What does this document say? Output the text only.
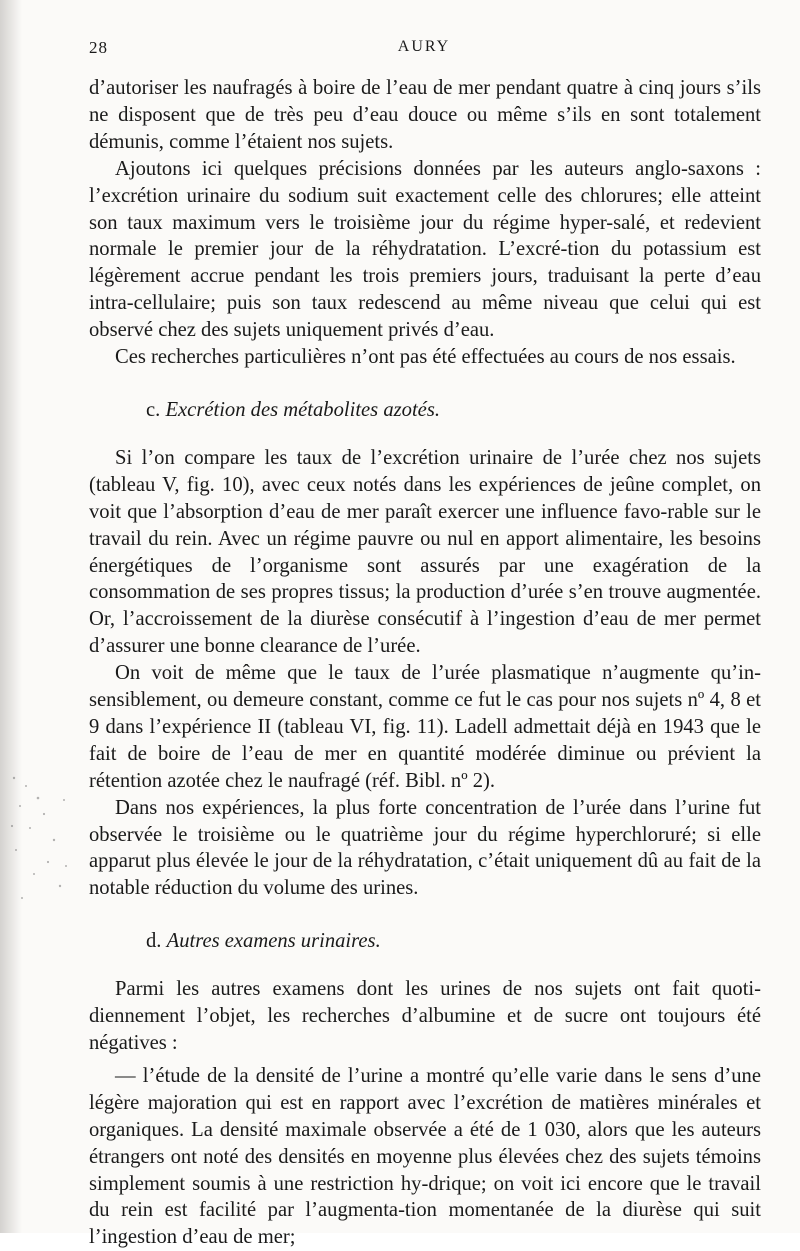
28	AURY

d’autoriser les naufragés à boire de l’eau de mer pendant quatre à cinq jours s’ils ne disposent que de très peu d’eau douce ou même s’ils en sont totalement démunis, comme l’étaient nos sujets.

Ajoutons ici quelques précisions données par les auteurs anglo-saxons : l’excrétion urinaire du sodium suit exactement celle des chlorures; elle atteint son taux maximum vers le troisième jour du régime hyper-salé, et redevient normale le premier jour de la réhydratation. L’excré-tion du potassium est légèrement accrue pendant les trois premiers jours, traduisant la perte d’eau intra-cellulaire; puis son taux redescend au même niveau que celui qui est observé chez des sujets uniquement privés d’eau.

Ces recherches particulières n’ont pas été effectuées au cours de nos essais.

c. Excrétion des métabolites azotés.

Si l’on compare les taux de l’excrétion urinaire de l’urée chez nos sujets (tableau V, fig. 10), avec ceux notés dans les expériences de jeûne complet, on voit que l’absorption d’eau de mer paraît exercer une influence favo-rable sur le travail du rein. Avec un régime pauvre ou nul en apport alimentaire, les besoins énergétiques de l’organisme sont assurés par une exagération de la consommation de ses propres tissus; la production d’urée s’en trouve augmentée. Or, l’accroissement de la diurèse consécutif à l’ingestion d’eau de mer permet d’assurer une bonne clearance de l’urée.

On voit de même que le taux de l’urée plasmatique n’augmente qu’in-sensiblement, ou demeure constant, comme ce fut le cas pour nos sujets nº 4, 8 et 9 dans l’expérience II (tableau VI, fig. 11). Ladell admettait déjà en 1943 que le fait de boire de l’eau de mer en quantité modérée diminue ou prévient la rétention azotée chez le naufragé (réf. Bibl. nº 2).

Dans nos expériences, la plus forte concentration de l’urée dans l’urine fut observée le troisième ou le quatrième jour du régime hyperchloruré; si elle apparut plus élevée le jour de la réhydratation, c’était uniquement dû au fait de la notable réduction du volume des urines.

d. Autres examens urinaires.

Parmi les autres examens dont les urines de nos sujets ont fait quoti-diennement l’objet, les recherches d’albumine et de sucre ont toujours été négatives :

— l’étude de la densité de l’urine a montré qu’elle varie dans le sens d’une légère majoration qui est en rapport avec l’excrétion de matières minérales et organiques. La densité maximale observée a été de 1 030, alors que les auteurs étrangers ont noté des densités en moyenne plus élevées chez des sujets témoins simplement soumis à une restriction hy-drique; on voit ici encore que le travail du rein est facilité par l’augmenta-tion momentanée de la diurèse qui suit l’ingestion d’eau de mer;
